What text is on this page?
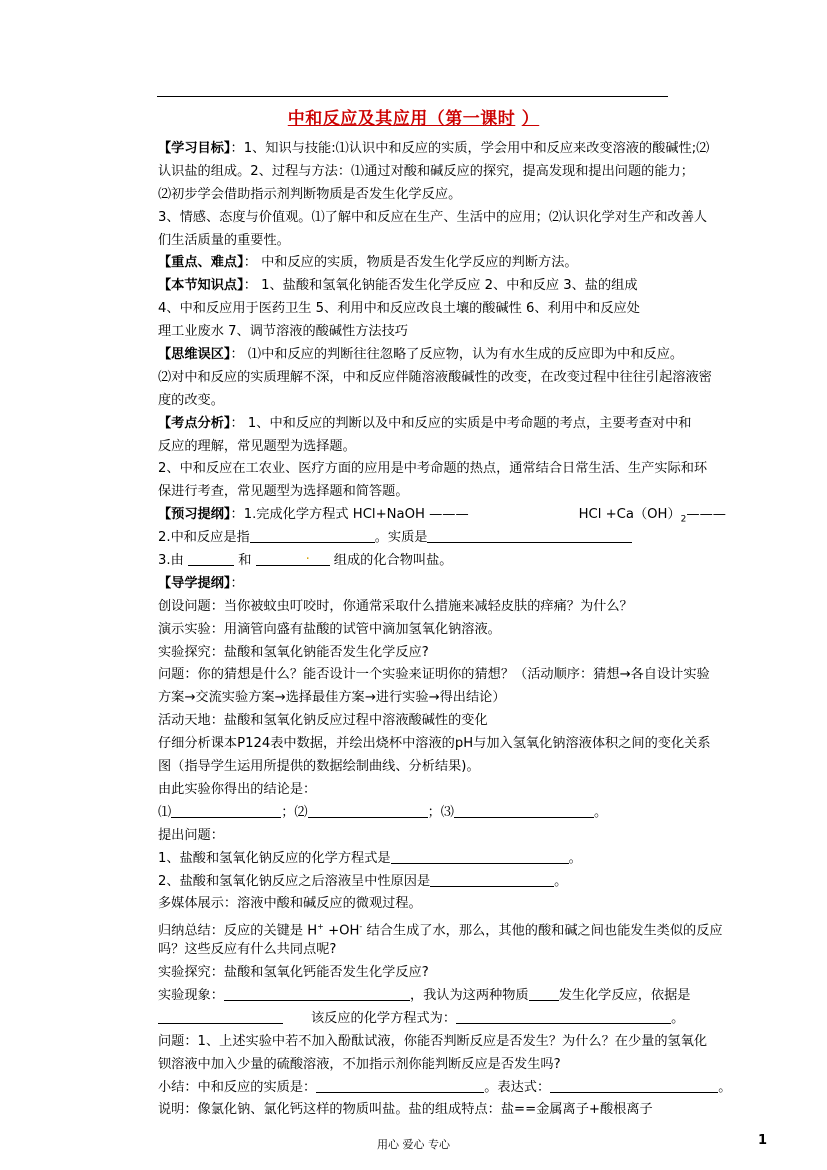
中和反应及其应用（第一课时 ）
【学习目标】：1、知识与技能:⑴认识中和反应的实质，学会用中和反应来改变溶液的酸碱性;⑵
认识盐的组成。2、过程与方法：⑴通过对酸和碱反应的探究，提高发现和提出问题的能力；
⑵初步学会借助指示剂判断物质是否发生化学反应。
3、情感、态度与价值观。⑴了解中和反应在生产、生活中的应用；⑵认识化学对生产和改善人
们生活质量的重要性。
【重点、难点】： 中和反应的实质，物质是否发生化学反应的判断方法。
【本节知识点】： 1、盐酸和氢氧化钠能否发生化学反应 2、中和反应 3、盐的组成
4、中和反应用于医药卫生 5、利用中和反应改良土壤的酸碱性 6、利用中和反应处
理工业废水 7、调节溶液的酸碱性方法技巧
【思维误区】： ⑴中和反应的判断往往忽略了反应物，认为有水生成的反应即为中和反应。
⑵对中和反应的实质理解不深，中和反应伴随溶液酸碱性的改变，在改变过程中往往引起溶液密
度的改变。
【考点分析】： 1、中和反应的判断以及中和反应的实质是中考命题的考点，主要考查对中和
反应的理解，常见题型为选择题。
2、中和反应在工农业、医疗方面的应用是中考命题的热点，通常结合日常生活、生产实际和环
保进行考查，常见题型为选择题和简答题。
【预习提纲】：1.完成化学方程式 HCl+NaOH ———	HCl $+Ca(OH)_2———$
2.中和反应是指	。实质是
3.由	和	. 组成的化合物叫盐。
【导学提纲】：
创设问题：当你被蚊虫叮咬时，你通常采取什么措施来减轻皮肤的痒痛？为什么？
演示实验：用滴管向盛有盐酸的试管中滴加氢氧化钠溶液。
实验探究：盐酸和氢氧化钠能否发生化学反应?
问题：你的猜想是什么？能否设计一个实验来证明你的猜想？（活动顺序：猜想→各自设计实验
方案→交流实验方案→选择最佳方案→进行实验→得出结论）
活动天地：盐酸和氢氧化钠反应过程中溶液酸碱性的变化
仔细分析课本P124表中数据，并绘出烧杯中溶液的pH与加入氢氧化钠溶液体积之间的变化关系
图（指导学生运用所提供的数据绘制曲线、分析结果)。
由此实验你得出的结论是：
⑴	；⑵	；⑶	。
提出问题：
1、盐酸和氢氧化钠反应的化学方程式是	。
2、盐酸和氢氧化钠反应之后溶液呈中性原因是	。
多媒体展示：溶液中酸和碱反应的微观过程。
归纳总结：反应的关键是 H+ +OH- 结合生成了水，那么，其他的酸和碱之间也能发生类似的反应
吗？这些反应有什么共同点呢?
实验探究：盐酸和氢氧化钙能否发生化学反应?
实验现象：	，我认为这两种物质 发生化学反应，依据是
该反应的化学方程式为：	。
问题：1、上述实验中若不加入酚酞试液，你能否判断反应是否发生？为什么？在少量的氢氧化
钡溶液中加入少量的硫酸溶液，不加指示剂你能判断反应是否发生吗?
小结：中和反应的实质是：	。表达式：	。
说明：像氯化钠、氯化钙这样的物质叫盐。盐的组成特点：盐==金属离子+酸根离子
用心 爱心 专心	1
